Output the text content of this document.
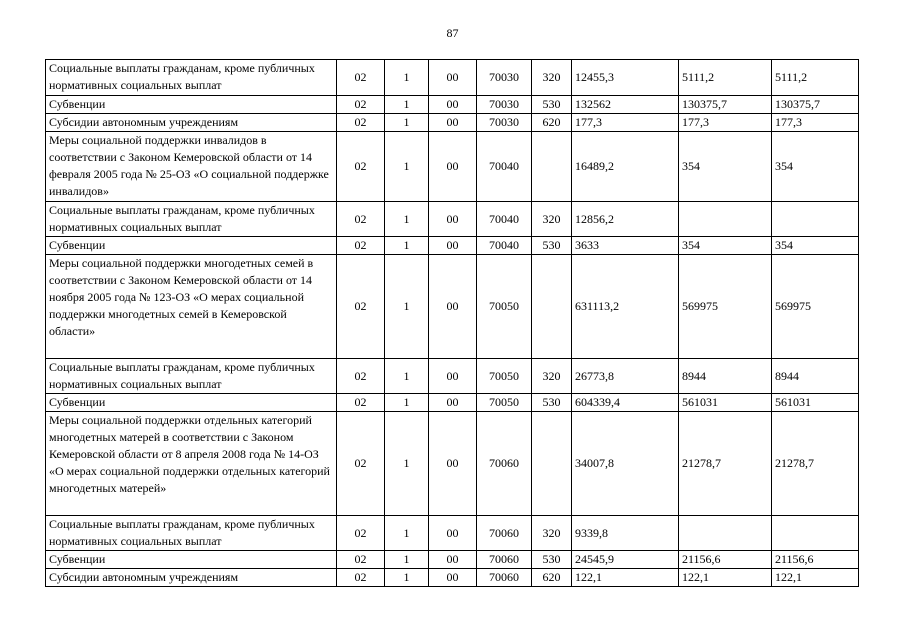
87
Социальные выплаты гражданам, кроме публичных нормативных социальных выплат	02	1	00	70030	320	12455,3	5111,2	5111,2
Субвенции	02	1	00	70030	530	132562	130375,7	130375,7
Субсидии автономным учреждениям	02	1	00	70030	620	177,3	177,3	177,3
Меры социальной поддержки инвалидов в соответствии с Законом Кемеровской области от 14 февраля 2005 года № 25-ОЗ «О социальной поддержке инвалидов»	02	1	00	70040		16489,2	354	354
Социальные выплаты гражданам, кроме публичных нормативных социальных выплат	02	1	00	70040	320	12856,2		
Субвенции	02	1	00	70040	530	3633	354	354
Меры социальной поддержки многодетных семей в соответствии с Законом Кемеровской области от 14 ноября 2005 года № 123-ОЗ «О мерах социальной поддержки многодетных семей в Кемеровской области»	02	1	00	70050		631113,2	569975	569975
Социальные выплаты гражданам, кроме публичных нормативных социальных выплат	02	1	00	70050	320	26773,8	8944	8944
Субвенции	02	1	00	70050	530	604339,4	561031	561031
Меры социальной поддержки отдельных категорий многодетных матерей в соответствии с Законом Кемеровской области от 8 апреля 2008 года № 14-ОЗ «О мерах социальной поддержки отдельных категорий многодетных матерей»	02	1	00	70060		34007,8	21278,7	21278,7
Социальные выплаты гражданам, кроме публичных нормативных социальных выплат	02	1	00	70060	320	9339,8		
Субвенции	02	1	00	70060	530	24545,9	21156,6	21156,6
Субсидии автономным учреждениям	02	1	00	70060	620	122,1	122,1	122,1
